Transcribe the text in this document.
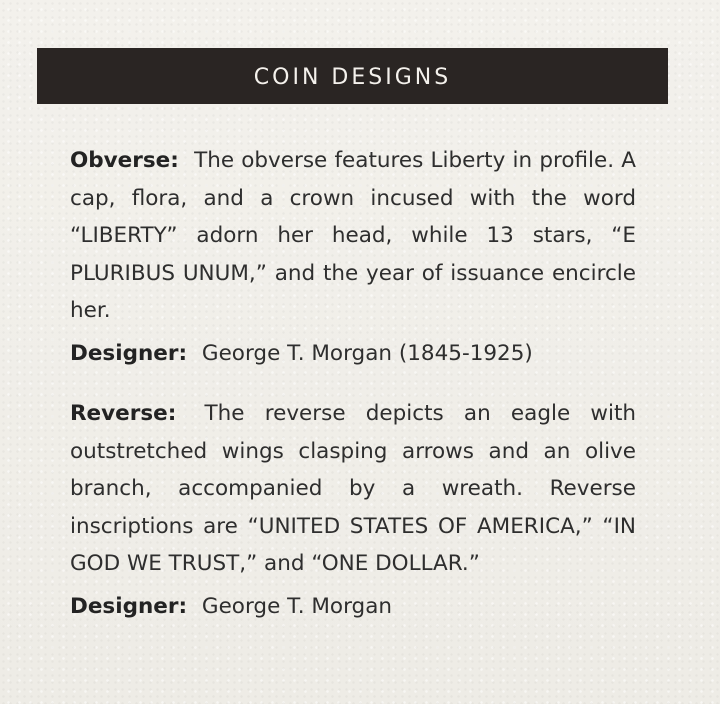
COIN DESIGNS

Obverse: The obverse features Liberty in profile. A cap, flora, and a crown incused with the word “LIBERTY” adorn her head, while 13 stars, “E PLURIBUS UNUM,” and the year of issuance encircle her.

Designer: George T. Morgan (1845-1925)

Reverse: The reverse depicts an eagle with outstretched wings clasping arrows and an olive branch, accompanied by a wreath. Reverse inscriptions are “UNITED STATES OF AMERICA,” “IN GOD WE TRUST,” and “ONE DOLLAR.”

Designer: George T. Morgan
